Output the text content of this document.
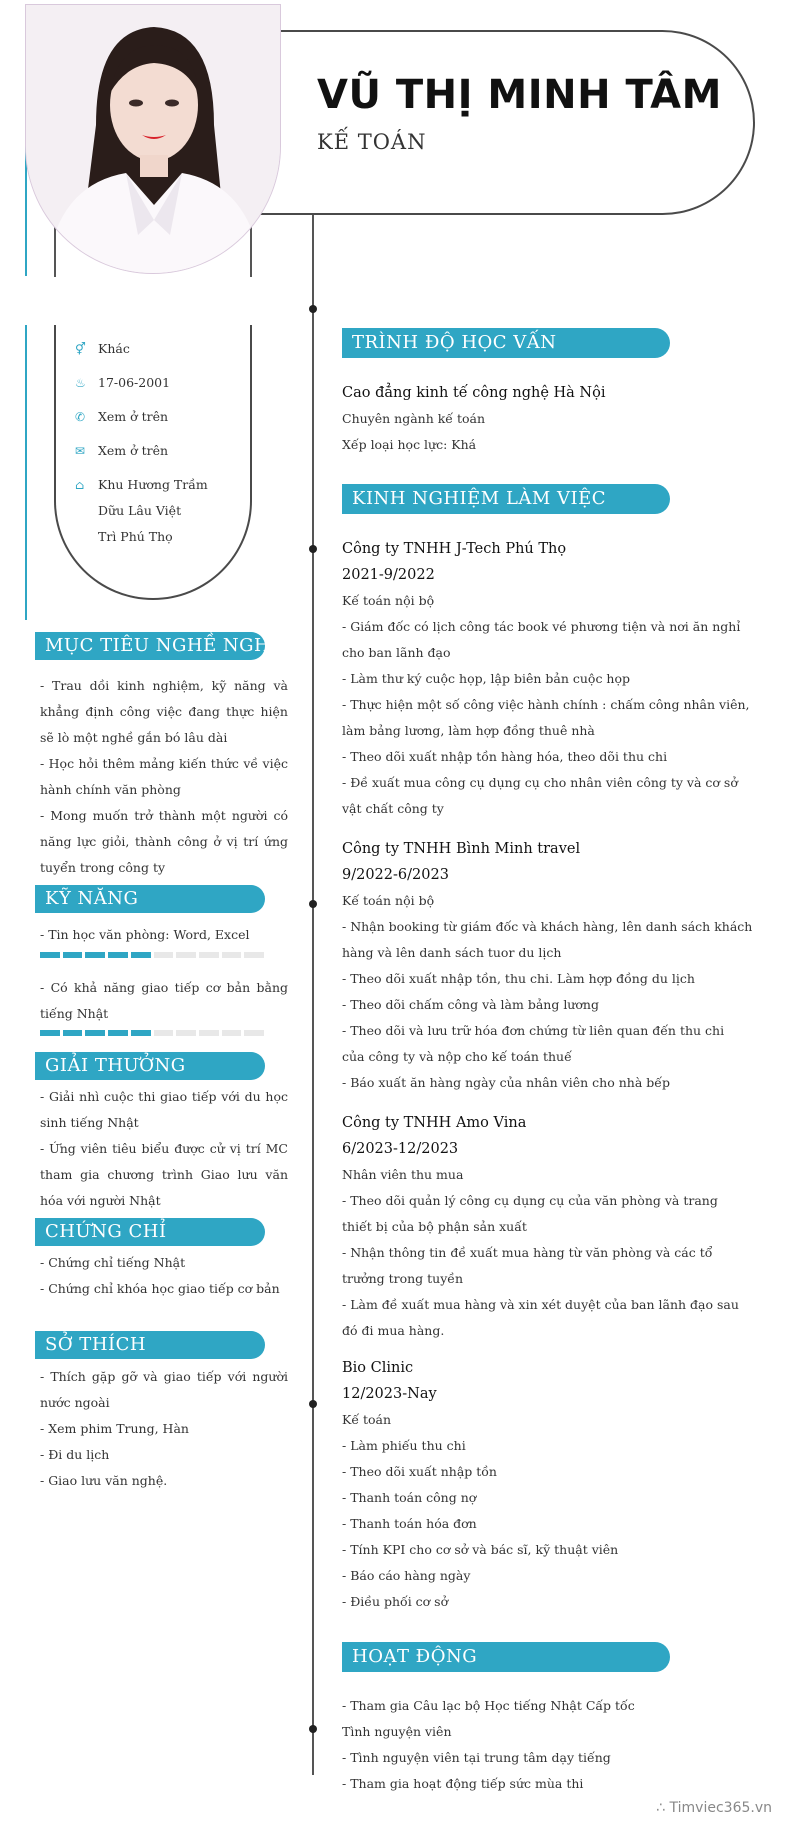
VŨ THỊ MINH TÂM
KẾ TOÁN
⚥ Khác
♨ 17-06-2001
✆	Xem ở trên
✉	Xem ở trên
⌂	Khu Hương Trầm
Dữu Lâu Việt
Trì Phú Thọ
MỤC TIÊU NGHỀ NGHIỆP

- Trau dồi kinh nghiệm, kỹ năng và khẳng định công việc đang thực hiện sẽ lò một nghề gắn bó lâu dài

- Học hỏi thêm mảng kiến thức về việc hành chính văn phòng

- Mong muốn trở thành một người có năng lực giỏi, thành công ở vị trí ứng tuyển trong công ty

KỸ NĂNG

- Tin học văn phòng: Word, Excel

- Có khả năng giao tiếp cơ bản bằng tiếng Nhật

GIẢI THƯỞNG

- Giải nhì cuộc thi giao tiếp với du học sinh tiếng Nhật

- Ứng viên tiêu biểu được cử vị trí MC tham gia chương trình Giao lưu văn hóa với người Nhật

CHỨNG CHỈ

- Chứng chỉ tiếng Nhật

- Chứng chỉ khóa học giao tiếp cơ bản

SỞ THÍCH

- Thích gặp gỡ và giao tiếp với người nước ngoài

- Xem phim Trung, Hàn

- Đi du lịch

- Giao lưu văn nghệ.

TRÌNH ĐỘ HỌC VẤN

Cao đẳng kinh tế công nghệ Hà Nội

Chuyên ngành kế toán

Xếp loại học lực: Khá

KINH NGHIỆM LÀM VIỆC

Công ty TNHH J-Tech Phú Thọ

2021-9/2022

Kế toán nội bộ

- Giám đốc có lịch công tác book vé phương tiện và nơi ăn nghỉ

cho ban lãnh đạo

- Làm thư ký cuộc họp, lập biên bản cuộc họp

- Thực hiện một số công việc hành chính : chấm công nhân viên,

làm bảng lương, làm hợp đồng thuê nhà

- Theo dõi xuất nhập tồn hàng hóa, theo dõi thu chi

- Đề xuất mua công cụ dụng cụ cho nhân viên công ty và cơ sở

vật chất công ty

Công ty TNHH Bình Minh travel

9/2022-6/2023

Kế toán nội bộ

- Nhận booking từ giám đốc và khách hàng, lên danh sách khách

hàng và lên danh sách tuor du lịch

- Theo dõi xuất nhập tồn, thu chi. Làm hợp đồng du lịch

- Theo dõi chấm công và làm bảng lương

- Theo dõi và lưu trữ hóa đơn chứng từ liên quan đến thu chi

của công ty và nộp cho kế toán thuế

- Báo xuất ăn hàng ngày của nhân viên cho nhà bếp

Công ty TNHH Amo Vina

6/2023-12/2023

Nhân viên thu mua

- Theo dõi quản lý công cụ dụng cụ của văn phòng và trang

thiết bị của bộ phận sản xuất

- Nhận thông tin đề xuất mua hàng từ văn phòng và các tổ

trưởng trong tuyền

- Làm đề xuất mua hàng và xin xét duyệt của ban lãnh đạo sau

đó đi mua hàng.

Bio Clinic

12/2023-Nay

Kế toán

- Làm phiếu thu chi

- Theo dõi xuất nhập tồn

- Thanh toán công nợ

- Thanh toán hóa đơn

- Tính KPI cho cơ sở và bác sĩ, kỹ thuật viên

- Báo cáo hàng ngày

- Điều phối cơ sở

HOẠT ĐỘNG

- Tham gia Câu lạc bộ Học tiếng Nhật Cấp tốc

Tình nguyện viên

- Tình nguyện viên tại trung tâm dạy tiếng

- Tham gia hoạt động tiếp sức mùa thi

∴ Timviec365.vn
